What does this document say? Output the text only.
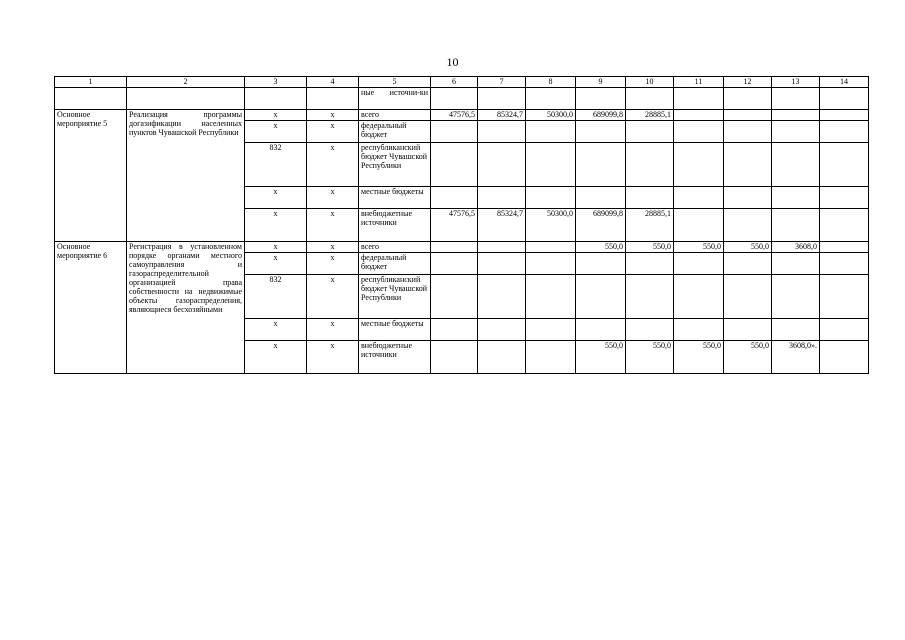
10
1	2	3	4	5	6	7	8	9	10	11	12	13	14
				ные источни-ки									
Основное мероприятие 5	Реализация программы догазификации населенных пунктов Чувашской Республики	x	x	всего	47576,5	85324,7	50300,0	689099,8	28885,1				
		x	x	федеральный бюджет									
		832	x	республиканский бюджет Чувашской Республики									
		x	x	местные бюджеты									
		x	x	внебюджетные источники	47576,5	85324,7	50300,0	689099,8	28885,1				
Основное мероприятие 6	Регистрация в установленном порядке органами местного самоуправления и газораспределительной организацией права собственности на недвижимые объекты газораспределения, являющиеся бесхозяйными	x	x	всего				550,0	550,0	550,0	550,0	3608,0	
		x	x	федеральный бюджет									
		832	x	республиканский бюджет Чувашской Республики									
		x	x	местные бюджеты									
		x	x	внебюджетные источники				550,0	550,0	550,0	550,0	3608,0».	
